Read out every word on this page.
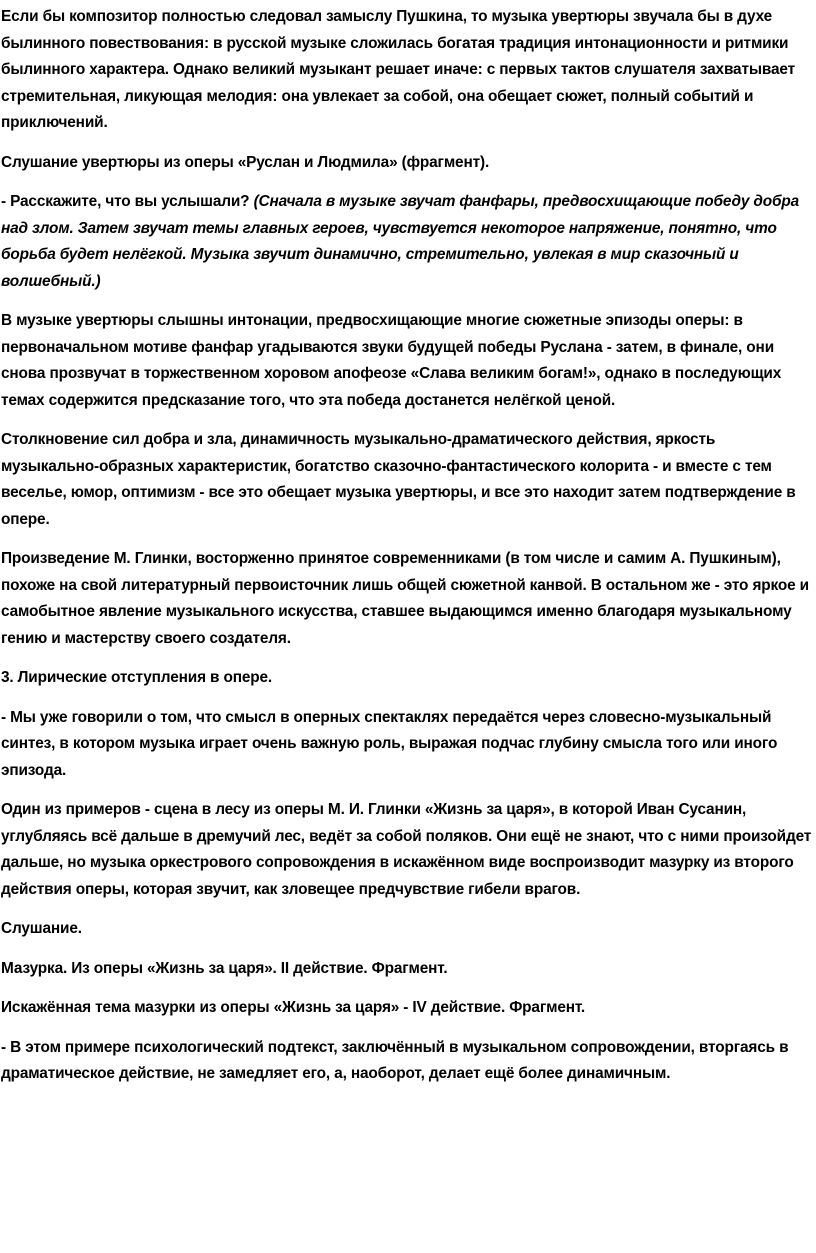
Если бы композитор полностью следовал замыслу Пушкина, то музыка увертюры звучала бы в духе былинного повествования: в русской музыке сложилась богатая традиция интонационности и ритмики былинного характера. Однако великий музыкант решает иначе: с первых тактов слушателя захватывает стремительная, ликующая мелодия: она увлекает за собой, она обещает сюжет, полный событий и приключений.

Слушание увертюры из оперы «Руслан и Людмила» (фрагмент).

- Расскажите, что вы услышали? (Сначала в музыке звучат фанфары, предвосхищающие победу добра над злом. Затем звучат темы главных героев, чувствуется некоторое напряжение, понятно, что борьба будет нелёгкой. Музыка звучит динамично, стремительно, увлекая в мир сказочный и волшебный.)

В музыке увертюры слышны интонации, предвосхищающие многие сюжетные эпизоды оперы: в первоначальном мотиве фанфар угадываются звуки будущей победы Руслана - затем, в финале, они снова прозвучат в торжественном хоровом апофеозе «Слава великим богам!», однако в последующих темах содержится предсказание того, что эта победа достанется нелёгкой ценой.

Столкновение сил добра и зла, динамичность музыкально-драматического действия, яркость музыкально-образных характеристик, богатство сказочно-фантастического колорита - и вместе с тем веселье, юмор, оптимизм - все это обещает музыка увертюры, и все это находит затем подтверждение в опере.

Произведение М. Глинки, восторженно принятое современниками (в том числе и самим А. Пушкиным), похоже на свой литературный первоисточник лишь общей сюжетной канвой. В остальном же - это яркое и самобытное явление музыкального искусства, ставшее выдающимся именно благодаря музыкальному гению и мастерству своего создателя.

3. Лирические отступления в опере.

- Мы уже говорили о том, что смысл в оперных спектаклях передаётся через словесно-музыкальный синтез, в котором музыка играет очень важную роль, выражая подчас глубину смысла того или иного эпизода.

Один из примеров - сцена в лесу из оперы М. И. Глинки «Жизнь за царя», в которой Иван Сусанин, углубляясь всё дальше в дремучий лес, ведёт за собой поляков. Они ещё не знают, что с ними произойдет дальше, но музыка оркестрового сопровождения в искажённом виде воспроизводит мазурку из второго действия оперы, которая звучит, как зловещее предчувствие гибели врагов.

Слушание.

Мазурка. Из оперы «Жизнь за царя». II действие. Фрагмент.

Искажённая тема мазурки из оперы «Жизнь за царя» - IV действие. Фрагмент.

- В этом примере психологический подтекст, заключённый в музыкальном сопровождении, вторгаясь в драматическое действие, не замедляет его, а, наоборот, делает ещё более динамичным.
